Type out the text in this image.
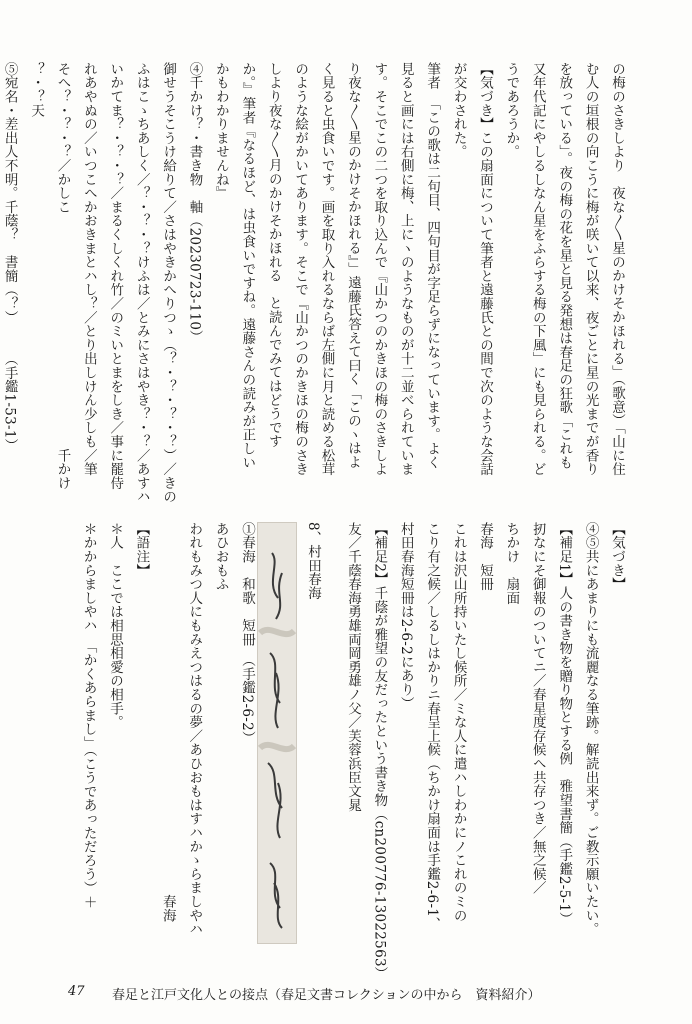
の梅のさきしより　夜な〳〵星のかけそかほれる」（歌意）「山に住
む人の垣根の向こうに梅が咲いて以来、夜ごとに星の光までが香り
を放っている」。夜の梅の花を星と見る発想は春足の狂歌「これも
又年代記にやしるしなん星をふらする梅の下風」にも見られる。ど
うであろうか。
【気づき】この扇面について筆者と遠藤氏との間で次のような会話
が交わされた。
筆者　「この歌は二句目、四句目が字足らずになっています。よく
見ると画には右側に梅、上にヽのようなものが十二並べられていま
す。そこでこの二つを取り込んで『山かつのかきほの梅のさきしよ
り夜な〳〵星のかけそかほれる』」遠藤氏答えて曰く「このヽはよ
く見ると虫食いです。画を取り入れるならば左側に月と読める松茸
のような絵がかいてあります。そこで『山かつのかきほの梅のさき
しより夜な〳〵月のかけそかほれる　と読んでみてはどうです
か。』筆者『なるほど、は虫食いですね。遠藤さんの読みが正しい
かもわかりませんね』
④千かけ？・書き物　軸（20230723-110）
御せうそこうけ給りて／さはやきかへりつゝ（？・？・？・？）／きの
ふはこゝちあしく／？・？・？けふは／とみにさはやき？・？／あすハ
いかてま？・？・？／まるくしくれ竹／のミいとまをしき／事に罷侍
れあやぬの／いつこへかおきまとハし？／とり出しけん少しも／筆
そへ？・？・？／かしこ　　　　　　　　　　　　　　　　　千かけ
？・？天
⑤宛名・差出人不明。千蔭？　書簡（？）　　　（手鑑1-53-1）
【気づき】
④⑤共にあまりにも流麗なる筆跡。解読出来ず。ご教示願いたい。
【補足1】人の書き物を贈り物とする例　雅望書簡（手鑑2-5-1）
扨なにそ御報のついてニ／春星度存候へ共存つき／無之候／
ちかけ　扇面
春海　短冊
これは沢山所持いたし候所／ミな人に遣ハしわかにノこれのミの
こり有之候／しるしはかりニ春呈上候（ちかけ扇面は手鑑2-6-1、
村田春海短冊は2-6-2にあり）
【補足2】千蔭が雅望の友だったという書き物（cn200776-13022563）
友／千蔭春海勇雄両岡勇雄ノ父／芙蓉浜臣文晁
8、村田春海
①春海　和歌　短冊　（手鑑2-6-2）
あひおもふ
われもみつ人にもみえつはるの夢／あひおもはすハかゝらましやハ
　　　　　　　　　　　　　　　　　　　　　　　　　　　春海
【語注】
＊人　ここでは相思相愛の相手。
＊かからましやハ　「かくあらまし」（こうであっただろう）＋
47 春足と江戸文化人との接点（春足文書コレクションの中から　資料紹介）
